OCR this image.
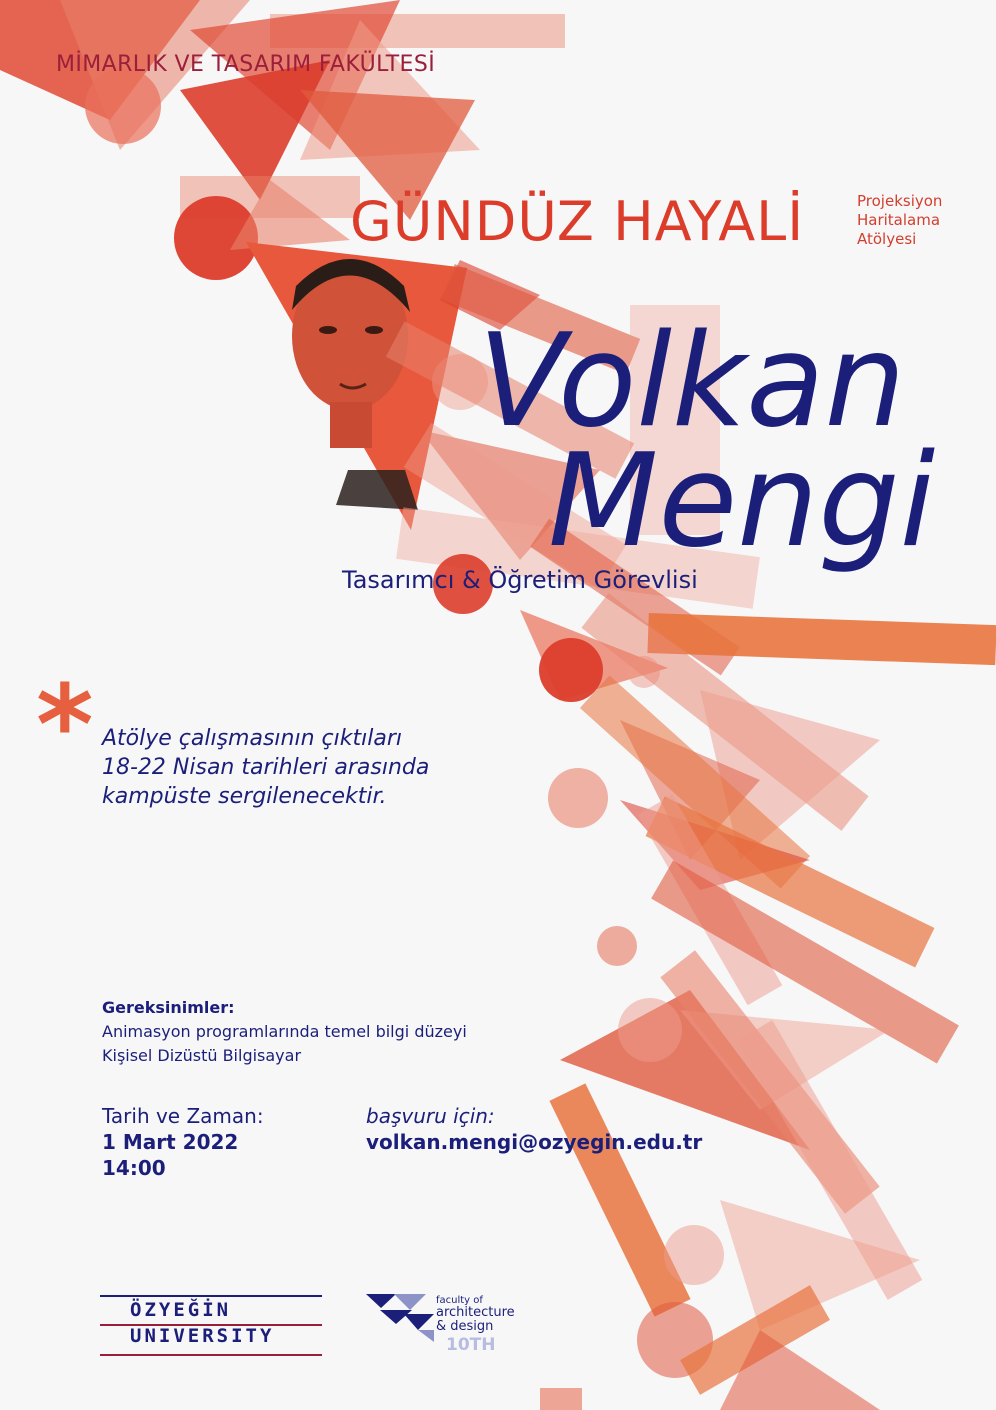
MİMARLIK VE TASARIM FAKÜLTESİ

GÜNDÜZ HAYALİ	Projeksiyon
Haritalama
Atölyesi
Volkan
Mengi
Tasarımcı & Öğretim Görevlisi
* Atölye çalışmasının çıktıları
18-22 Nisan tarihleri arasında
kampüste sergilenecektir.
Gereksinimler:
Animasyon programlarında temel bilgi düzeyi
Kişisel Dizüstü Bilgisayar
Tarih ve Zaman:
1 Mart 2022
14:00
başvuru için:
volkan.mengi@ozyegin.edu.tr
ÖZYEĞİN
UNIVERSITY
faculty of
architecture
& design
10TH
